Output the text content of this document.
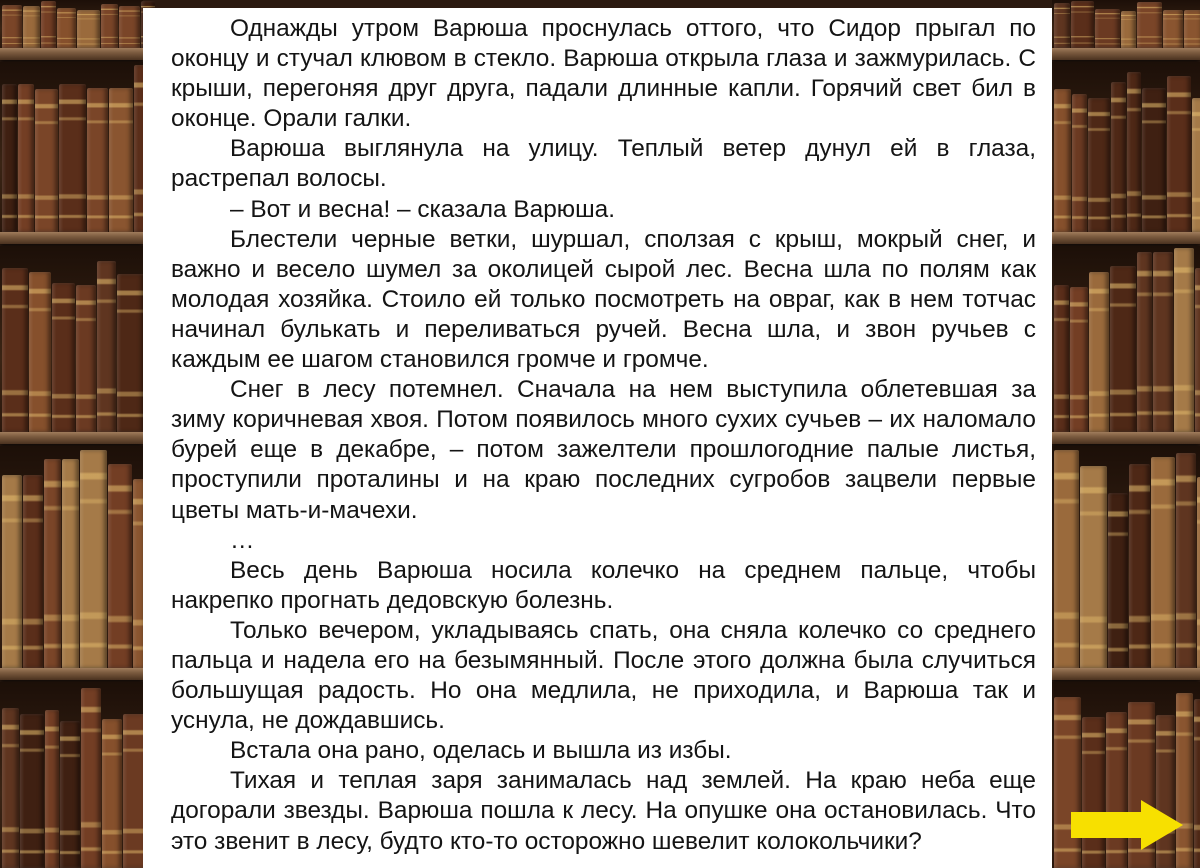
Однажды утром Варюша проснулась оттого, что Сидор прыгал по оконцу и стучал клювом в стекло. Варюша открыла глаза и зажмурилась. С крыши, перегоняя друг друга, падали длинные капли. Горячий свет бил в оконце. Орали галки.

Варюша выглянула на улицу. Теплый ветер дунул ей в глаза, растрепал волосы.

– Вот и весна! – сказала Варюша.

Блестели черные ветки, шуршал, сползая с крыш, мокрый снег, и важно и весело шумел за околицей сырой лес. Весна шла по полям как молодая хозяйка. Стоило ей только посмотреть на овраг, как в нем тотчас начинал булькать и переливаться ручей. Весна шла, и звон ручьев с каждым ее шагом становился громче и громче.

Снег в лесу потемнел. Сначала на нем выступила облетевшая за зиму коричневая хвоя. Потом появилось много сухих сучьев – их наломало бурей еще в декабре, – потом зажелтели прошлогодние палые листья, проступили проталины и на краю последних сугробов зацвели первые цветы мать-и-мачехи.

…

Весь день Варюша носила колечко на среднем пальце, чтобы накрепко прогнать дедовскую болезнь.

Только вечером, укладываясь спать, она сняла колечко со среднего пальца и надела его на безымянный. После этого должна была случиться большущая радость. Но она медлила, не приходила, и Варюша так и уснула, не дождавшись.

Встала она рано, оделась и вышла из избы.

Тихая и теплая заря занималась над землей. На краю неба еще догорали звезды. Варюша пошла к лесу. На опушке она остановилась. Что это звенит в лесу, будто кто-то осторожно шевелит колокольчики?
